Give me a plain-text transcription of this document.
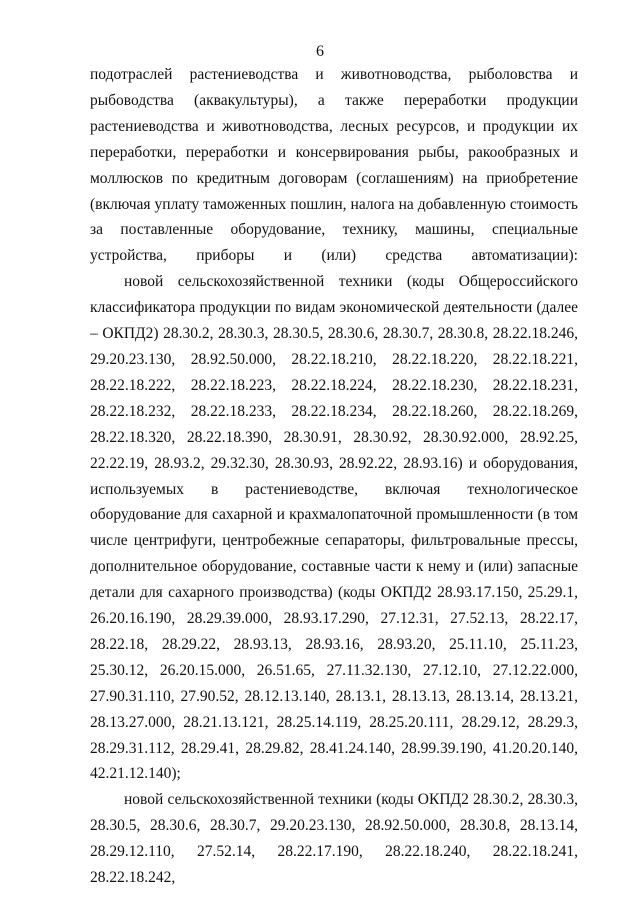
6

подотраслей растениеводства и животноводства, рыболовства и рыбоводства (аквакультуры), а также переработки продукции растениеводства и животноводства, лесных ресурсов, и продукции их переработки, переработки и консервирования рыбы, ракообразных и моллюсков по кредитным договорам (соглашениям) на приобретение (включая уплату таможенных пошлин, налога на добавленную стоимость за поставленные оборудование, технику, машины, специальные устройства, приборы и (или) средства автоматизации):

новой сельскохозяйственной техники (коды Общероссийского классификатора продукции по видам экономической деятельности (далее – ОКПД2) 28.30.2, 28.30.3, 28.30.5, 28.30.6, 28.30.7, 28.30.8, 28.22.18.246, 29.20.23.130, 28.92.50.000, 28.22.18.210, 28.22.18.220, 28.22.18.221, 28.22.18.222, 28.22.18.223, 28.22.18.224, 28.22.18.230, 28.22.18.231, 28.22.18.232, 28.22.18.233, 28.22.18.234, 28.22.18.260, 28.22.18.269, 28.22.18.320, 28.22.18.390, 28.30.91, 28.30.92, 28.30.92.000, 28.92.25, 22.22.19, 28.93.2, 29.32.30, 28.30.93, 28.92.22, 28.93.16) и оборудования, используемых в растениеводстве, включая технологическое оборудование для сахарной и крахмалопаточной промышленности (в том числе центрифуги, центробежные сепараторы, фильтровальные прессы, дополнительное оборудование, составные части к нему и (или) запасные детали для сахарного производства) (коды ОКПД2 28.93.17.150, 25.29.1, 26.20.16.190, 28.29.39.000, 28.93.17.290, 27.12.31, 27.52.13, 28.22.17, 28.22.18, 28.29.22, 28.93.13, 28.93.16, 28.93.20, 25.11.10, 25.11.23, 25.30.12, 26.20.15.000, 26.51.65, 27.11.32.130, 27.12.10, 27.12.22.000, 27.90.31.110, 27.90.52, 28.12.13.140, 28.13.1, 28.13.13, 28.13.14, 28.13.21, 28.13.27.000, 28.21.13.121, 28.25.14.119, 28.25.20.111, 28.29.12, 28.29.3, 28.29.31.112, 28.29.41, 28.29.82, 28.41.24.140, 28.99.39.190, 41.20.20.140, 42.21.12.140);

новой сельскохозяйственной техники (коды ОКПД2 28.30.2, 28.30.3, 28.30.5, 28.30.6, 28.30.7, 29.20.23.130, 28.92.50.000, 28.30.8, 28.13.14, 28.29.12.110, 27.52.14, 28.22.17.190, 28.22.18.240, 28.22.18.241, 28.22.18.242,
